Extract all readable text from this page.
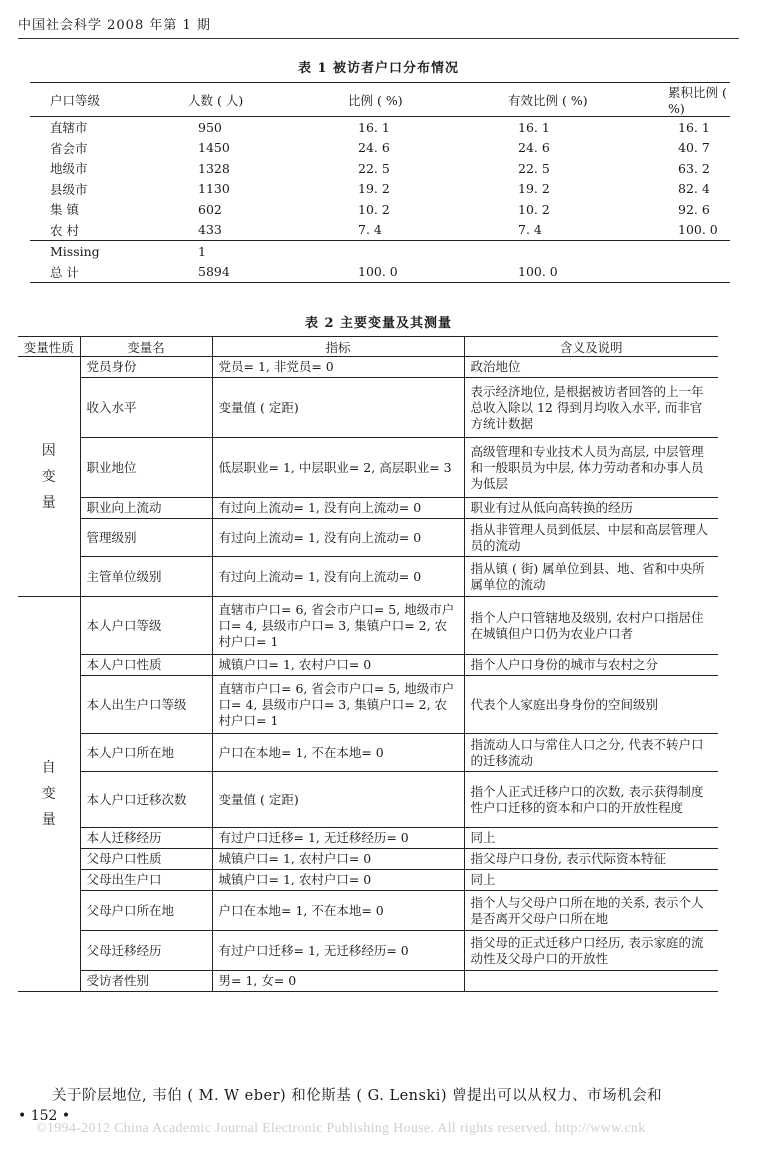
中国社会科学 2008 年第 1 期
表 1 被访者户口分布情况
户口等级	人数 ( 人)	比例 ( %)	有效比例 ( %)	累积比例 ( %)
直辖市	950	16. 1	16. 1	16. 1
省会市	1450	24. 6	24. 6	40. 7
地级市	1328	22. 5	22. 5	63. 2
县级市	1130	19. 2	19. 2	82. 4
集 镇	602	10. 2	10. 2	92. 6
农 村	433	7. 4	7. 4	100. 0
Missing	1			
总 计	5894	100. 0	100. 0	
表 2 主要变量及其测量
变量性质	变量名	指标	含义及说明
因变量	党员身份	党员= 1, 非党员= 0	政治地位
	收入水平	变量值 ( 定距)	表示经济地位, 是根据被访者回答的上一年总收入除以 12 得到月均收入水平, 而非官方统计数据
	职业地位	低层职业= 1, 中层职业= 2, 高层职业= 3	高级管理和专业技术人员为高层, 中层管理和一般职员为中层, 体力劳动者和办事人员为低层
	职业向上流动	有过向上流动= 1, 没有向上流动= 0	职业有过从低向高转换的经历
	管理级别	有过向上流动= 1, 没有向上流动= 0	指从非管理人员到低层、中层和高层管理人员的流动
	主管单位级别	有过向上流动= 1, 没有向上流动= 0	指从镇 ( 街) 属单位到县、地、省和中央所属单位的流动
自变量	本人户口等级	直辖市户口= 6, 省会市户口= 5, 地级市户口= 4, 县级市户口= 3, 集镇户口= 2, 农村户口= 1	指个人户口管辖地及级别, 农村户口指居住在城镇但户口仍为农业户口者
	本人户口性质	城镇户口= 1, 农村户口= 0	指个人户口身份的城市与农村之分
	本人出生户口等级	直辖市户口= 6, 省会市户口= 5, 地级市户口= 4, 县级市户口= 3, 集镇户口= 2, 农村户口= 1	代表个人家庭出身身份的空间级别
	本人户口所在地	户口在本地= 1, 不在本地= 0	指流动人口与常住人口之分, 代表不转户口的迁移流动
	本人户口迁移次数	变量值 ( 定距)	指个人正式迁移户口的次数, 表示获得制度性户口迁移的资本和户口的开放性程度
	本人迁移经历	有过户口迁移= 1, 无迁移经历= 0	同上
	父母户口性质	城镇户口= 1, 农村户口= 0	指父母户口身份, 表示代际资本特征
	父母出生户口	城镇户口= 1, 农村户口= 0	同上
	父母户口所在地	户口在本地= 1, 不在本地= 0	指个人与父母户口所在地的关系, 表示个人是否离开父母户口所在地
	父母迁移经历	有过户口迁移= 1, 无迁移经历= 0	指父母的正式迁移户口经历, 表示家庭的流动性及父母户口的开放性
	受访者性别	男= 1, 女= 0	
关于阶层地位, 韦伯 ( M. W eber) 和伦斯基 ( G. Lenski) 曾提出可以从权力、市场机会和
• 152 •
©1994-2012 China Academic Journal Electronic Publishing House. All rights reserved. http://www.cnk
